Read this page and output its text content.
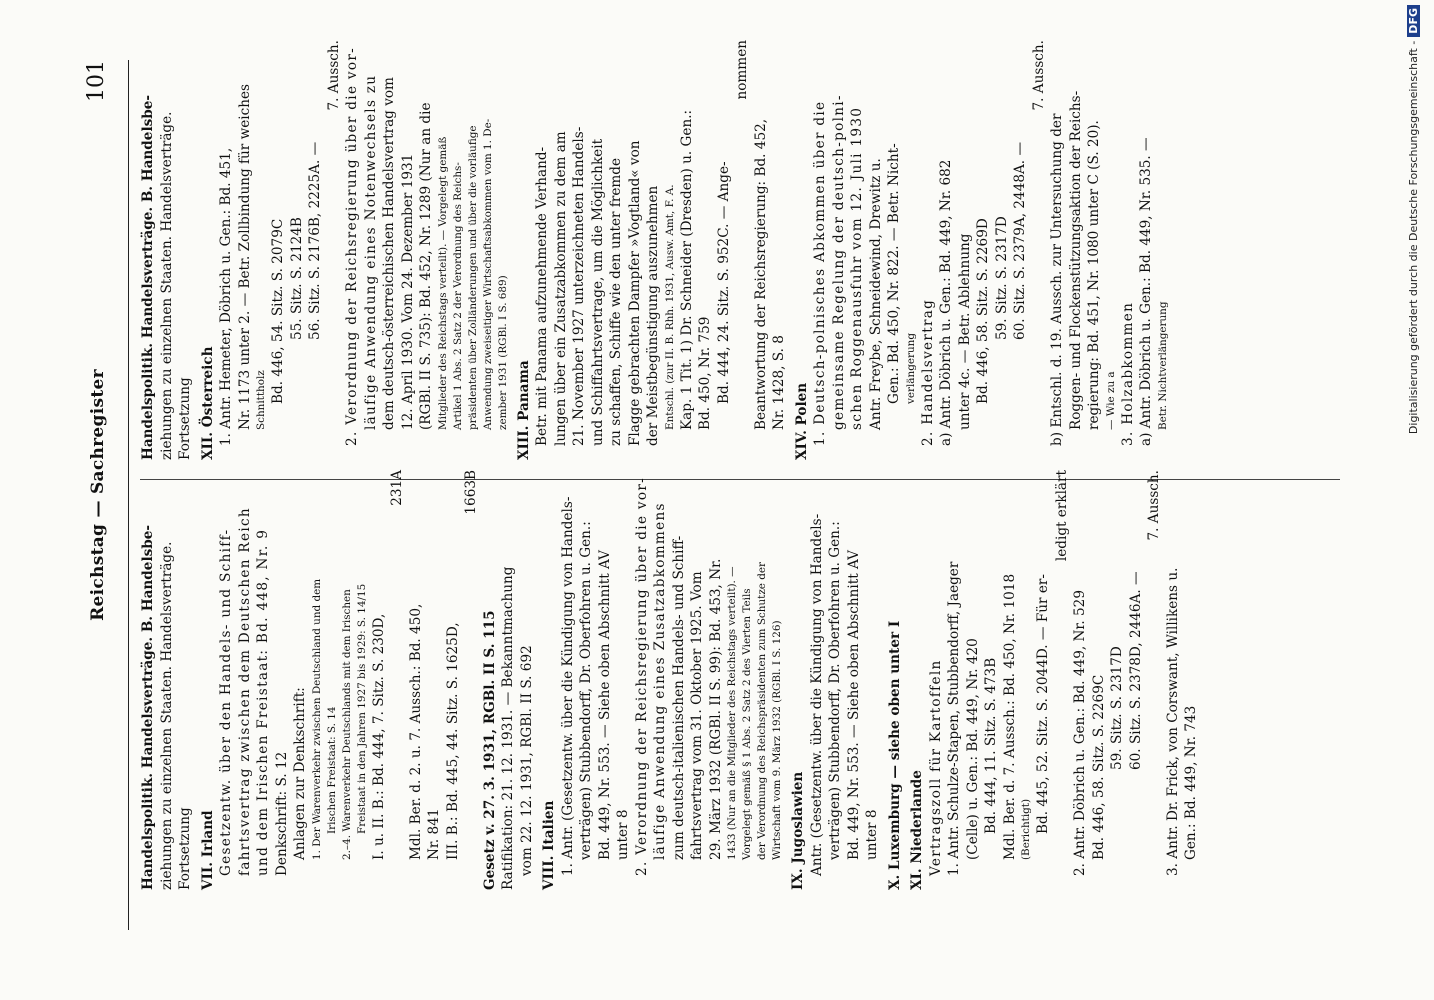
Reichstag — Sachregister
101
Handelspolitik. Handelsverträge. B. Handelsbe- ziehungen zu einzelnen Staaten. Handelsverträge. Fortsetzung VII. Irland Gesetzentw. über den Handels- und Schiff- fahrtsvertrag zwischen dem Deutschen Reich und dem Irischen Freistaat: Bd. 448, Nr. 9 Denkschrift: S. 12 Anlagen zur Denkschrift: 1. Der Warenverkehr zwischen Deutschland und dem Irischen Freistaat: S. 14 2.–4. Warenverkehr Deutschlands mit dem Irischen Freistaat in den Jahren 1927 bis 1929: S. 14/15 I. u. II. B.: Bd. 444, 7. Sitz. S. 230D,
231A
Mdl. Ber. d. 2. u. 7. Aussch.: Bd. 450, Nr. 841 III. B.: Bd. 445, 44. Sitz. S. 1625D,
1663B
Gesetz v. 27. 3. 1931, RGBl. II S. 115 Ratifikation: 21. 12. 1931. — Bekanntmachung vom 22. 12. 1931, RGBl. II S. 692 VIII. Italien 1. Antr. (Gesetzentw. über die Kündigung von Handels- verträgen) Stubbendorff, Dr. Oberfohren u. Gen.: Bd. 449, Nr. 553. — Siehe oben Abschnitt AV unter 8 2. Verordnung der Reichsregierung über die vor- läufige Anwendung eines Zusatzabkommens zum deutsch-italienischen Handels- und Schiff- fahrtsvertrag vom 31. Oktober 1925. Vom 29. März 1932 (RGBl. II S. 99): Bd. 453, Nr. 1433 (Nur an die Mitglieder des Reichstags verteilt). — Vorgelegt gemäß § 1 Abs. 2 Satz 2 des Vierten Teils der Verordnung des Reichspräsidenten zum Schutze der Wirtschaft vom 9. März 1932 (RGBl. I S. 126) IX. Jugoslawien Antr. (Gesetzentw. über die Kündigung von Handels- verträgen) Stubbendorff, Dr. Oberfohren u. Gen.: Bd. 449, Nr. 553. — Siehe oben Abschnitt AV unter 8 X. Luxemburg — siehe oben unter I XI. Niederlande Vertragszoll für Kartoffeln 1. Antr. Schulze-Stapen, Stubbendorff, Jaeger (Celle) u. Gen.: Bd. 449, Nr. 420 Bd. 444, 11. Sitz. S. 473B Mdl. Ber. d. 7. Aussch.: Bd. 450, Nr. 1018 (Berichtigt) Bd. 445, 52. Sitz. S. 2044D. — Für er-
ledigt erklärt
2. Antr. Döbrich u. Gen.: Bd. 449, Nr. 529 Bd. 446, 58. Sitz. S. 2269C 59. Sitz. S. 2317D 60. Sitz. S. 2378D, 2446A. —
7. Aussch.
3. Antr. Dr. Frick, von Corswant, Willikens u. Gen.: Bd. 449, Nr. 743
Handelspolitik. Handelsverträge. B. Handelsbe- ziehungen zu einzelnen Staaten. Handelsverträge. Fortsetzung XII. Österreich 1. Antr. Hemeter, Döbrich u. Gen.: Bd. 451, Nr. 1173 unter 2. — Betr. Zollbindung für weiches Schnittholz Bd. 446, 54. Sitz. S. 2079C 55. Sitz. S. 2124B 56. Sitz. S. 2176B, 2225A. —
7. Aussch. 2. Verordnung der Reichsregierung über die vor- läufige Anwendung eines Notenwechsels zu dem deutsch-österreichischen Handelsvertrag vom 12. April 1930. Vom 24. Dezember 1931 (RGBl. II S. 735): Bd. 452, Nr. 1289 (Nur an die Mitglieder des Reichstags verteilt). — Vorgelegt gemäß Artikel 1 Abs. 2 Satz 2 der Verordnung des Reichs- präsidenten über Zolländerungen und über die vorläufige Anwendung zweiseitiger Wirtschaftsabkommen vom 1. De- zember 1931 (RGBl. I S. 689) XIII. Panama Betr. mit Panama aufzunehmende Verhand- lungen über ein Zusatzabkommen zu dem am 21. November 1927 unterzeichneten Handels- und Schiffahrtsvertrage, um die Möglichkeit zu schaffen, Schiffe wie den unter fremde Flagge gebrachten Dampfer »Vogtland« von der Meistbegünstigung auszunehmen Entschl. (zur II. B. Rhh. 1931, Ausw. Amt, F. A. Kap. 1 Tit. 1) Dr. Schneider (Dresden) u. Gen.: Bd. 450, Nr. 759 Bd. 444, 24. Sitz. S. 952C. — Ange-
nommen
Beantwortung der Reichsregierung: Bd. 452, Nr. 1428, S. 8 XIV. Polen 1. Deutsch-polnisches Abkommen über die gemeinsame Regelung der deutsch-polni- schen Roggenausfuhr vom 12. Juli 1930 Antr. Freybe, Schneidewind, Drewitz u. Gen.: Bd. 450, Nr. 822. — Betr. Nicht- verlängerung 2. Handelsvertrag a) Antr. Döbrich u. Gen.: Bd. 449, Nr. 682 unter 4c. — Betr. Ablehnung Bd. 446, 58. Sitz. S. 2269D 59. Sitz. S. 2317D 60. Sitz. S. 2379A, 2448A. —
7. Aussch.
b) Entschl. d. 19. Aussch. zur Untersuchung der Roggen- und Flockenstützungsaktion der Reichs- regierung: Bd. 451, Nr. 1080 unter C (S. 20). — Wie zu a 3. Holzabkommen a) Antr. Döbrich u. Gen.: Bd. 449, Nr. 535. — Betr. Nichtverlängerung	Digitalisierung gefördert durch die Deutsche Forschungsgemeinschaft -DFG
